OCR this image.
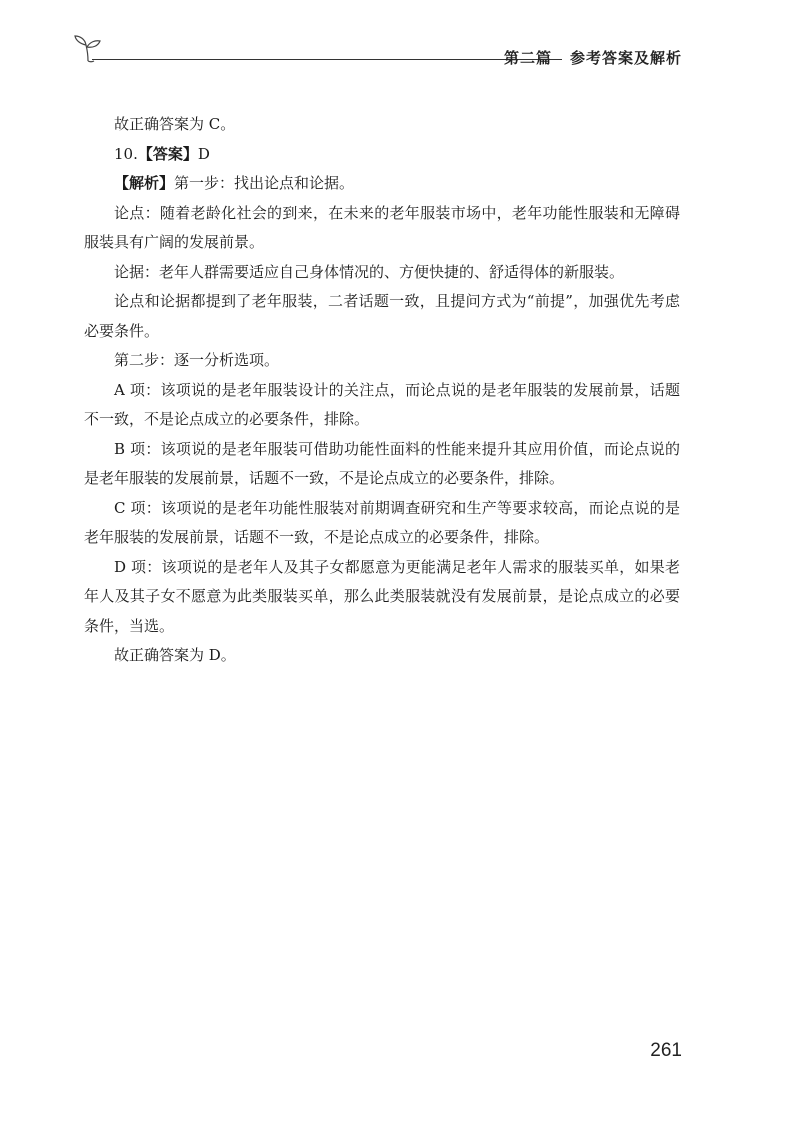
第二篇 参考答案及解析

故正确答案为 C。

10.【答案】D

【解析】第一步：找出论点和论据。

论点：随着老龄化社会的到来，在未来的老年服装市场中，老年功能性服装和无障碍服装具有广阔的发展前景。

论据：老年人群需要适应自己身体情况的、方便快捷的、舒适得体的新服装。

论点和论据都提到了老年服装，二者话题一致，且提问方式为“前提”，加强优先考虑必要条件。

第二步：逐一分析选项。

A 项：该项说的是老年服装设计的关注点，而论点说的是老年服装的发展前景，话题不一致，不是论点成立的必要条件，排除。

B 项：该项说的是老年服装可借助功能性面料的性能来提升其应用价值，而论点说的是老年服装的发展前景，话题不一致，不是论点成立的必要条件，排除。

C 项：该项说的是老年功能性服装对前期调查研究和生产等要求较高，而论点说的是老年服装的发展前景，话题不一致，不是论点成立的必要条件，排除。

D 项：该项说的是老年人及其子女都愿意为更能满足老年人需求的服装买单，如果老年人及其子女不愿意为此类服装买单，那么此类服装就没有发展前景，是论点成立的必要条件，当选。

故正确答案为 D。

261
